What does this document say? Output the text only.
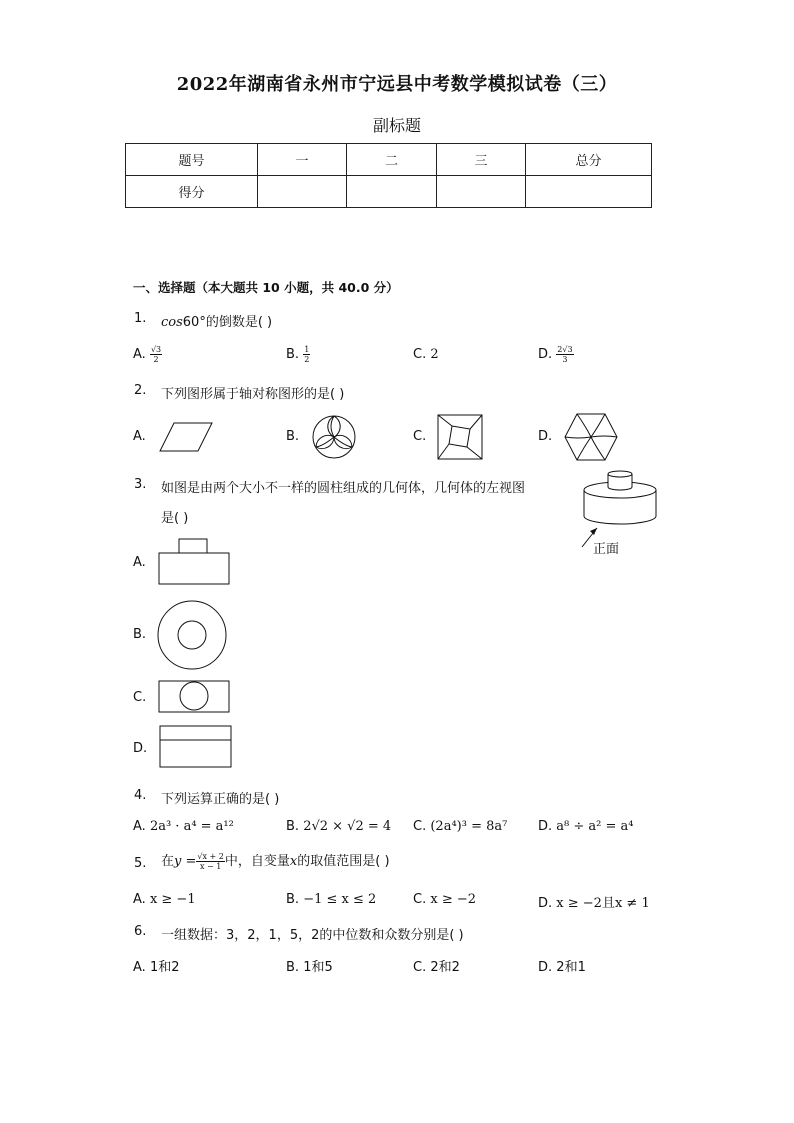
2022年湖南省永州市宁远县中考数学模拟试卷（三）
副标题
题号	一	二	三	总分
得分				
一、选择题（本大题共 10 小题，共 40.0 分）
1. cos60°的倒数是( )
A. $\frac{√3}{2}$	B. $\frac{1}{2}$	C. 2	D. $\frac{2√3}{3}$
2. 下列图形属于轴对称图形的是( )
A.	B.	C.	D.
3. 如图是由两个大小不一样的圆柱组成的几何体，几何体的左视图
是( )
正面
A.
B.
C.
D.
4. 下列运算正确的是( )
A. 2a³ · a⁴ = a¹²	B. 2√2 × √2 = 4 C. (2a⁴)³ = 8a⁷ D. a⁸ ÷ a² = a⁴
5. 在$y = \frac{√x + 2}{x - 1}$ 中，自变量x的取值范围是( )
A. x ≥ −1	B. −1 ≤ x ≤ 2	C. x ≥ −2	D. x ≥ −2且x ≠ 1
6. 一组数据：3，2，1，5，2的中位数和众数分别是( )
A. 1和2	B. 1和5	C. 2和2	D. 2和1
